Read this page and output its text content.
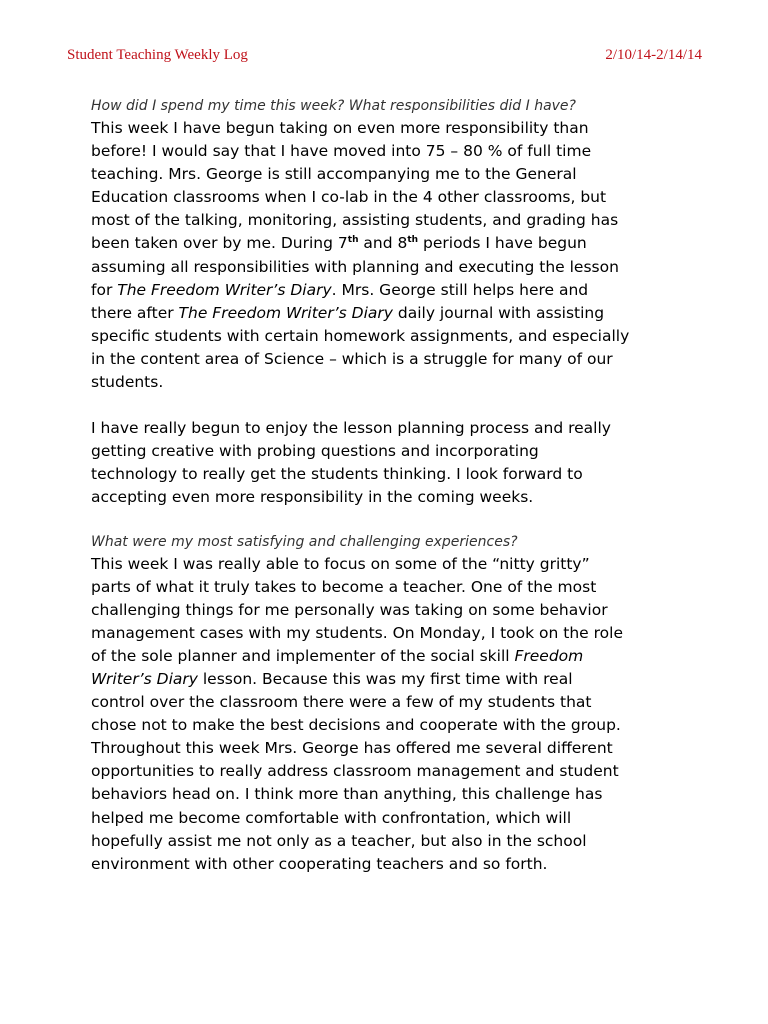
Student Teaching Weekly Log	2/10/14-2/14/14

How did I spend my time this week? What responsibilities did I have?

This week I have begun taking on even more responsibility than
before! I would say that I have moved into 75 – 80 % of full time
teaching. Mrs. George is still accompanying me to the General
Education classrooms when I co-lab in the 4 other classrooms, but
most of the talking, monitoring, assisting students, and grading has
been taken over by me. During 7th and 8th periods I have begun
assuming all responsibilities with planning and executing the lesson
for The Freedom Writer’s Diary. Mrs. George still helps here and
there after The Freedom Writer’s Diary daily journal with assisting
specific students with certain homework assignments, and especially
in the content area of Science – which is a struggle for many of our
students.
I have really begun to enjoy the lesson planning process and really
getting creative with probing questions and incorporating
technology to really get the students thinking. I look forward to
accepting even more responsibility in the coming weeks.

What were my most satisfying and challenging experiences?

This week I was really able to focus on some of the “nitty gritty”
parts of what it truly takes to become a teacher. One of the most
challenging things for me personally was taking on some behavior
management cases with my students. On Monday, I took on the role
of the sole planner and implementer of the social skill Freedom
Writer’s Diary lesson. Because this was my first time with real
control over the classroom there were a few of my students that
chose not to make the best decisions and cooperate with the group.
Throughout this week Mrs. George has offered me several different
opportunities to really address classroom management and student
behaviors head on. I think more than anything, this challenge has
helped me become comfortable with confrontation, which will
hopefully assist me not only as a teacher, but also in the school
environment with other cooperating teachers and so forth.
